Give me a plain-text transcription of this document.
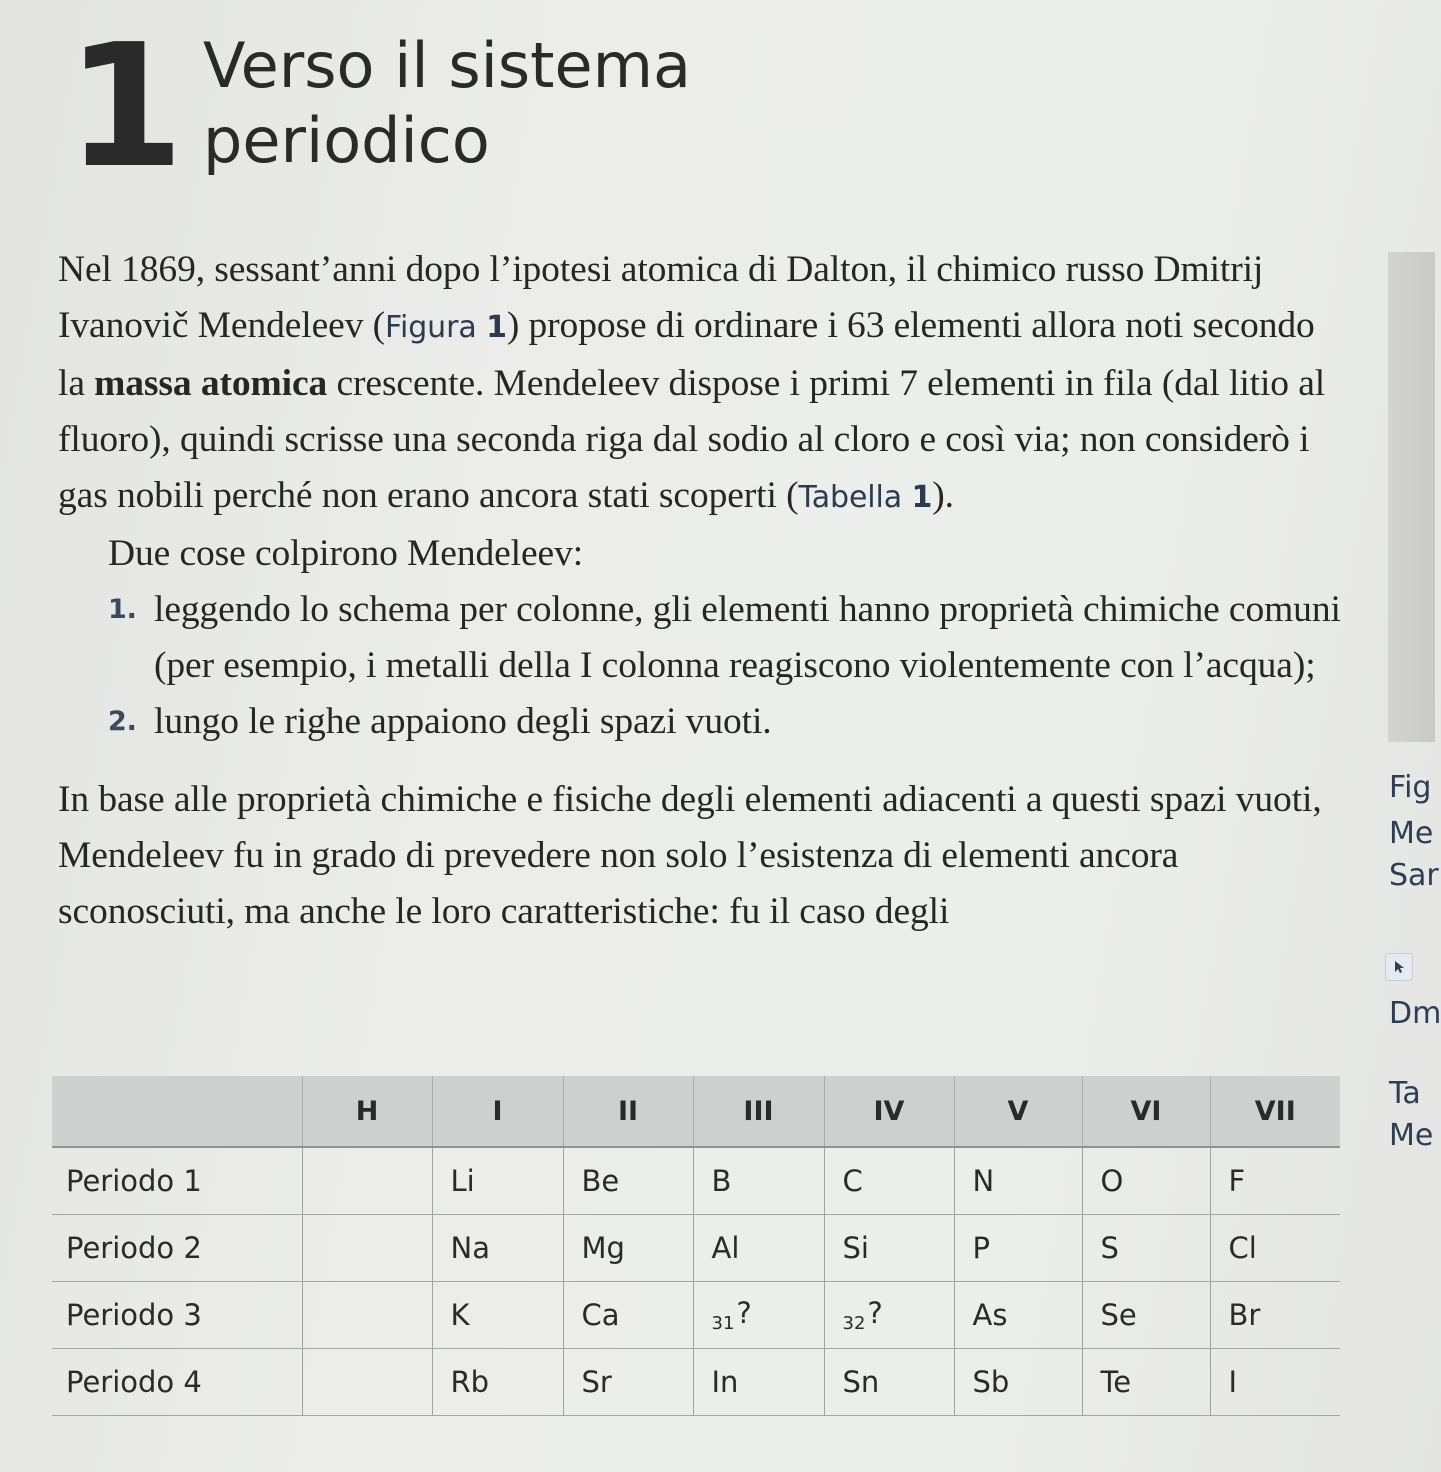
1 Verso il sistema periodico

Nel 1869, sessant’anni dopo l’ipotesi atomica di Dalton, il chimico russo Dmitrij Ivanovič Mendeleev (Figura 1) propose di ordinare i 63 elementi allora noti secondo la massa atomica crescente. Mendeleev dispose i primi 7 elementi in fila (dal litio al fluoro), quindi scrisse una seconda riga dal sodio al cloro e così via; non considerò i gas nobili perché non erano ancora stati scoperti (Tabella 1).

Due cose colpirono Mendeleev:

1. leggendo lo schema per colonne, gli elementi hanno proprietà chimiche comuni (per esempio, i metalli della I colonna reagiscono violentemente con l’acqua);
2. lungo le righe appaiono degli spazi vuoti.

In base alle proprietà chimiche e fisiche degli elementi adiacenti a questi spazi vuoti, Mendeleev fu in grado di prevedere non solo l’esistenza di elementi ancora sconosciuti, ma anche le loro caratteristiche: fu il caso degli

Fig
Me
Sar
Dm
Ta
Me
	H	I	II	III	IV	V	VI	VII
Periodo 1		Li	Be	B	C	N	O	F
Periodo 2		Na	Mg	Al	Si	P	S	Cl
Periodo 3		K	Ca	$_{31}$?	$_{32}$?	As	Se	Br
Periodo 4		Rb	Sr	In	Sn	Sb	Te	I
